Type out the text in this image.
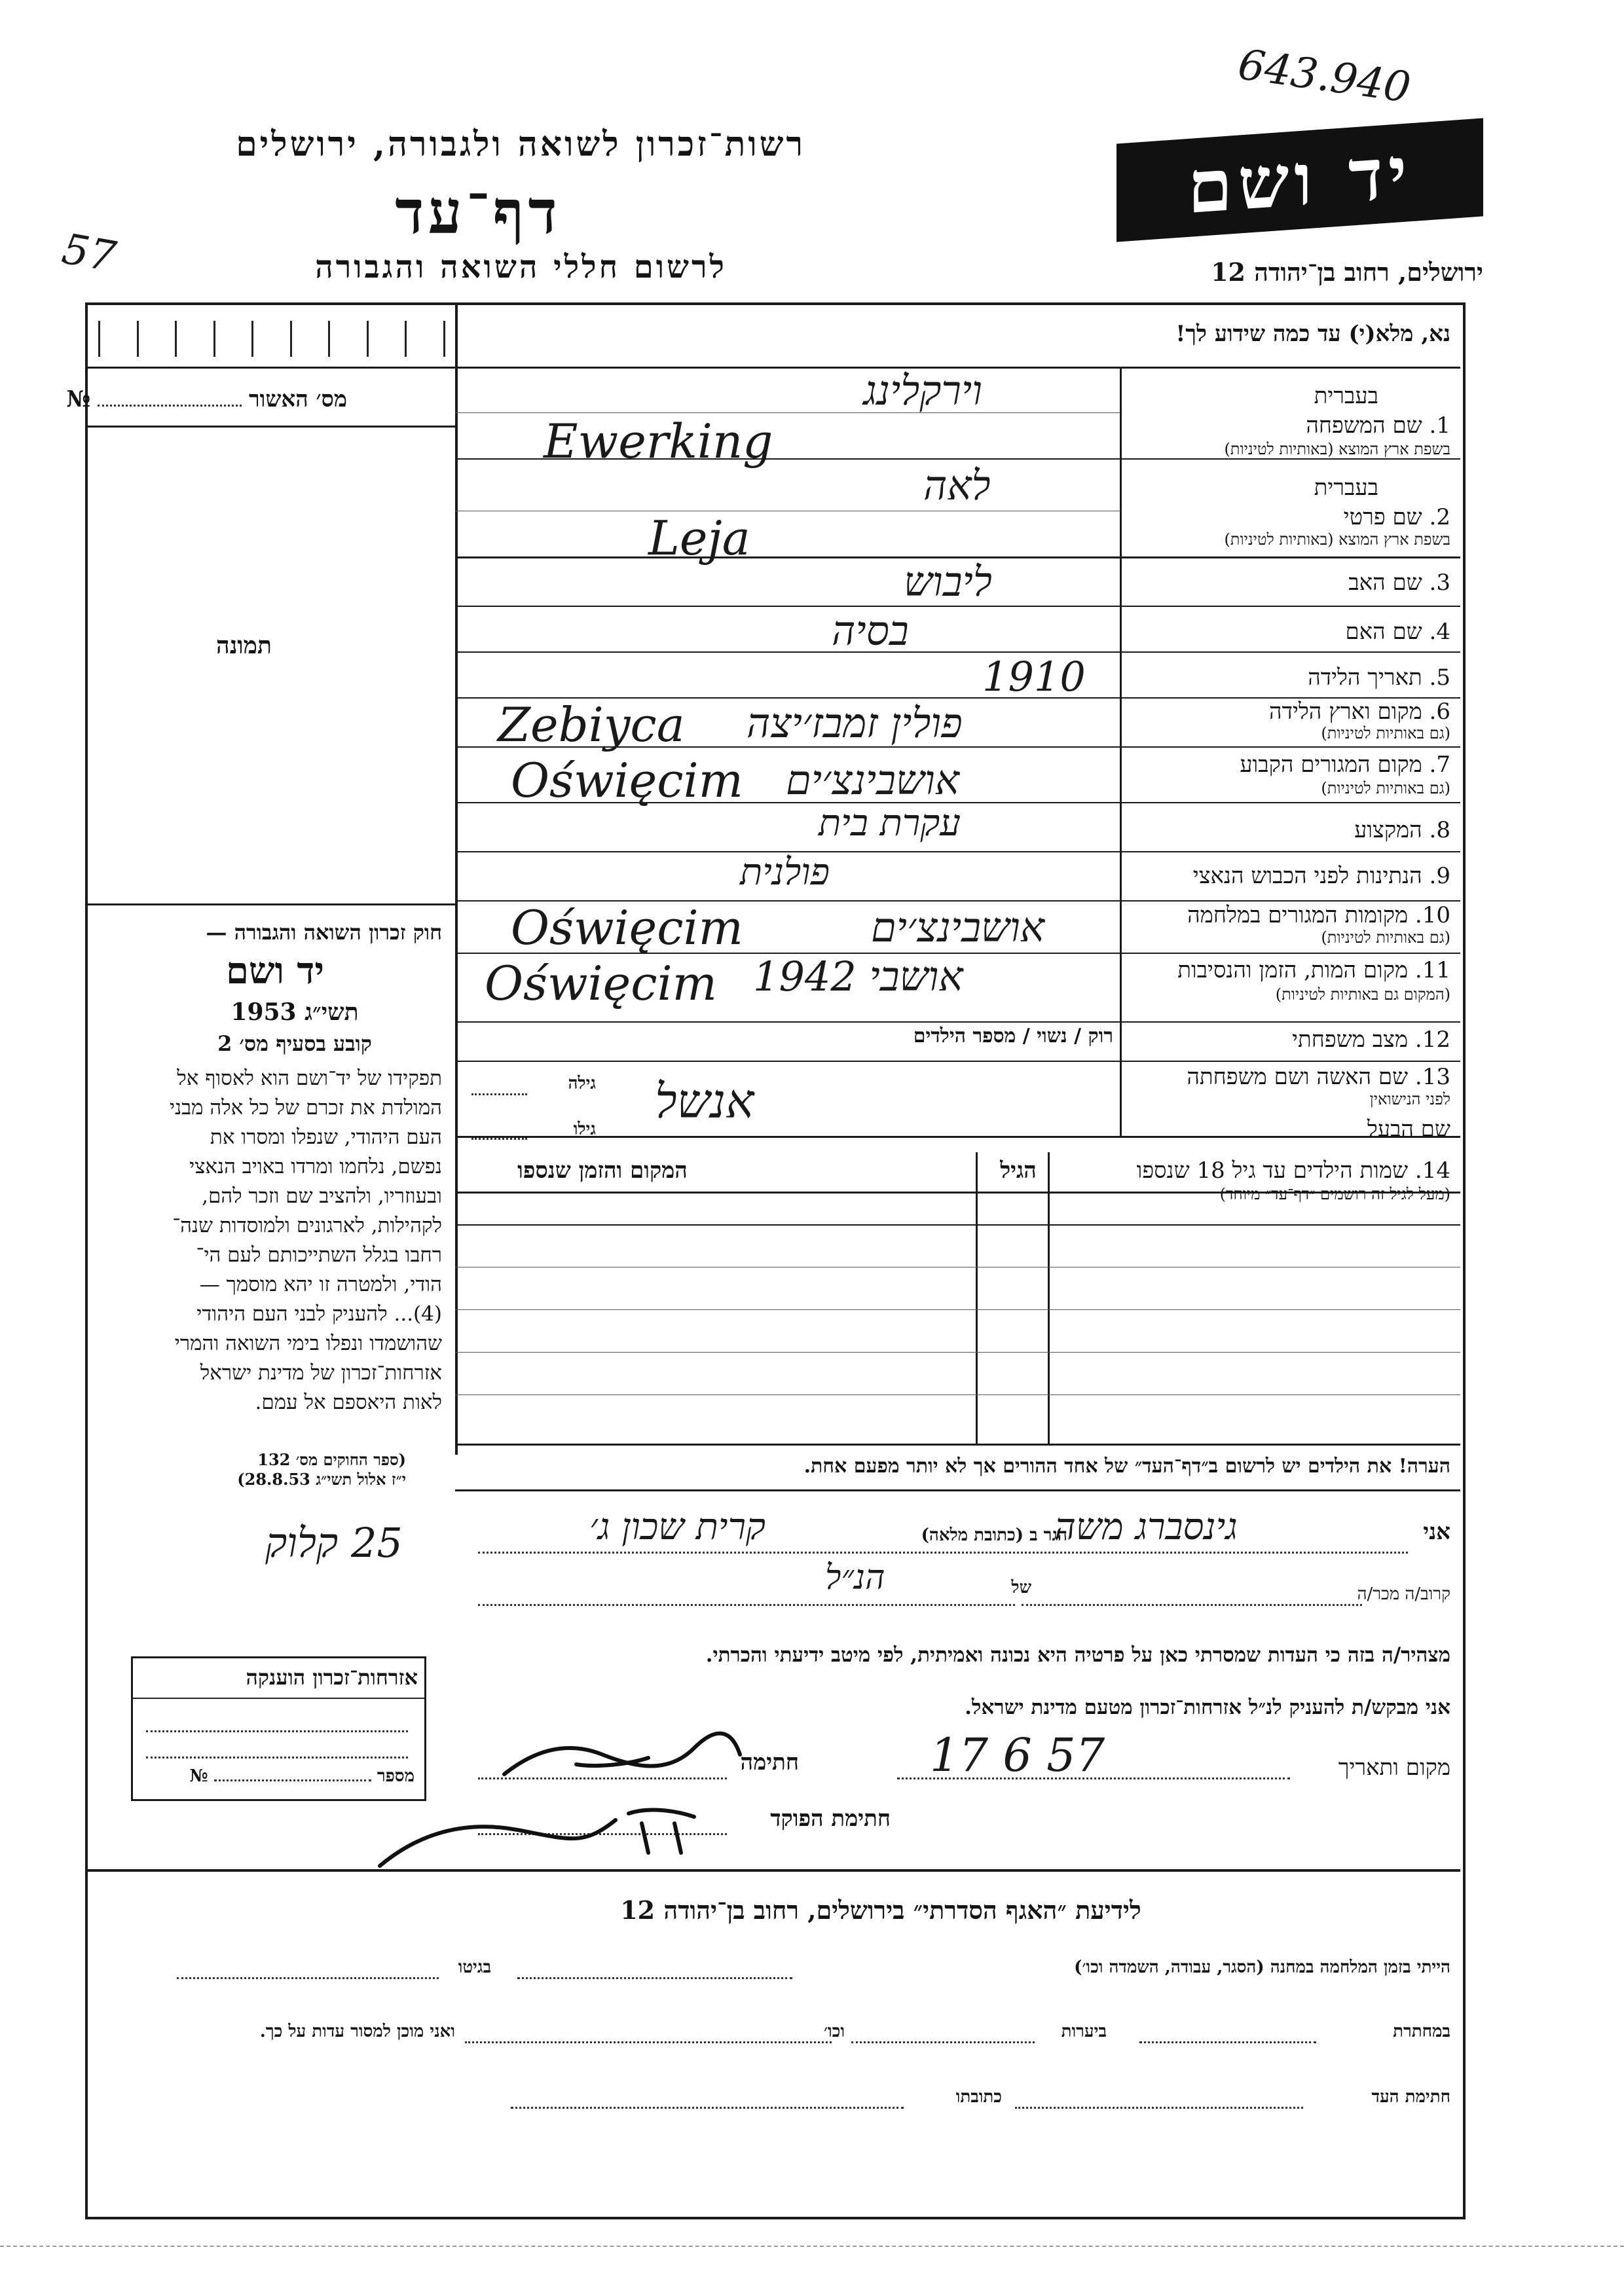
643.940
57
רשות־זכרון לשואה ולגבורה, ירושלים
דף־עד
לרשום חללי השואה והגבורה
יד ושם
ירושלים, רחוב בן־יהודה 12
מס׳ האשור  №
תמונה
חוק זכרון השואה והגבורה —
יד ושם
תשי״ג 1953
קובע בסעיף מס׳ 2
תפקידו של יד־ושם הוא לאסוף אל
המולדת את זכרם של כל אלה מבני
העם היהודי, שנפלו ומסרו את
נפשם, נלחמו ומרדו באויב הנאצי
ובעוזריו, ולהציב שם וזכר להם,
לקהילות, לארגונים ולמוסדות שנה־
רחבו בגלל השתייכותם לעם הי־
הודי, ולמטרה זו יהא מוסמך —
(4)... להעניק לבני העם היהודי
שהושמדו ונפלו בימי השואה והמרי
אזרחות־זכרון של מדינת ישראל
לאות היאספם אל עמם.
(ספר החוקים מס׳ 132
י״ז אלול תשי״ג 28.8.53)
25 קלוק
אזרחות־זכרון הוענקה
מספר  №
נא, מלא(י) עד כמה שידוע לך!
בעברית
1. שם המשפחה
בשפת ארץ המוצא (באותיות לטיניות)
וירקלינג
Ewerking
בעברית
2. שם פרטי
בשפת ארץ המוצא (באותיות לטיניות)
לאה
Leja
3. שם האב
ליבוש
4. שם האם
בסיה
5. תאריך הלידה
1910
6. מקום וארץ הלידה
(גם באותיות לטיניות)
Zebiyca פולין זמבז׳יצה
7. מקום המגורים הקבוע
(גם באותיות לטיניות)
Oświęcim אושבינצ׳ים
8. המקצוע
עקרת בית
9. הנתינות לפני הכבוש הנאצי
פולנית
10. מקומות המגורים במלחמה
(גם באותיות לטיניות)
Oświęcim	אושבינצ׳ים
11. מקום המות, הזמן והנסיבות
(המקום גם באותיות לטיניות)
Oświęcim אושבי 1942
12. מצב משפחתי
רוק / נשוי / מספר הילדים
13. שם האשה ושם משפחתה
לפני הנישואין
שם הבעל
גילה
גילו
אנשל
14. שמות הילדים עד גיל 18 שנספו
(מעל לגיל זה רושמים ״דף־עד״ מיוחד)
הגיל
המקום והזמן שנספו
הערה! את הילדים יש לרשום ב״דף־העד״ של אחד ההורים אך לא יותר מפעם אחת.
אני
גינסברג משה
הגר ב (כתובת מלאה)
קרית שכון ג׳
קרוב/ה מכר/ה
של
הנ״ל
מצהיר/ה בזה כי העדות שמסרתי כאן על פרטיה היא נכונה ואמיתית, לפי מיטב ידיעתי והכרתי.
אני מבקש/ת להעניק לנ״ל אזרחות־זכרון מטעם מדינת ישראל.
מקום ותאריך
17 6 57
חתימה
חתימת הפוקד
לידיעת ״האגף הסדרתי״ בירושלים, רחוב בן־יהודה 12
הייתי בזמן המלחמה במחנה (הסגר, עבודה, השמדה וכו׳)
בגיטו
במחתרת
ביערות
וכו׳
ואני מוכן למסור עדות על כך.
חתימת העד
כתובתו
